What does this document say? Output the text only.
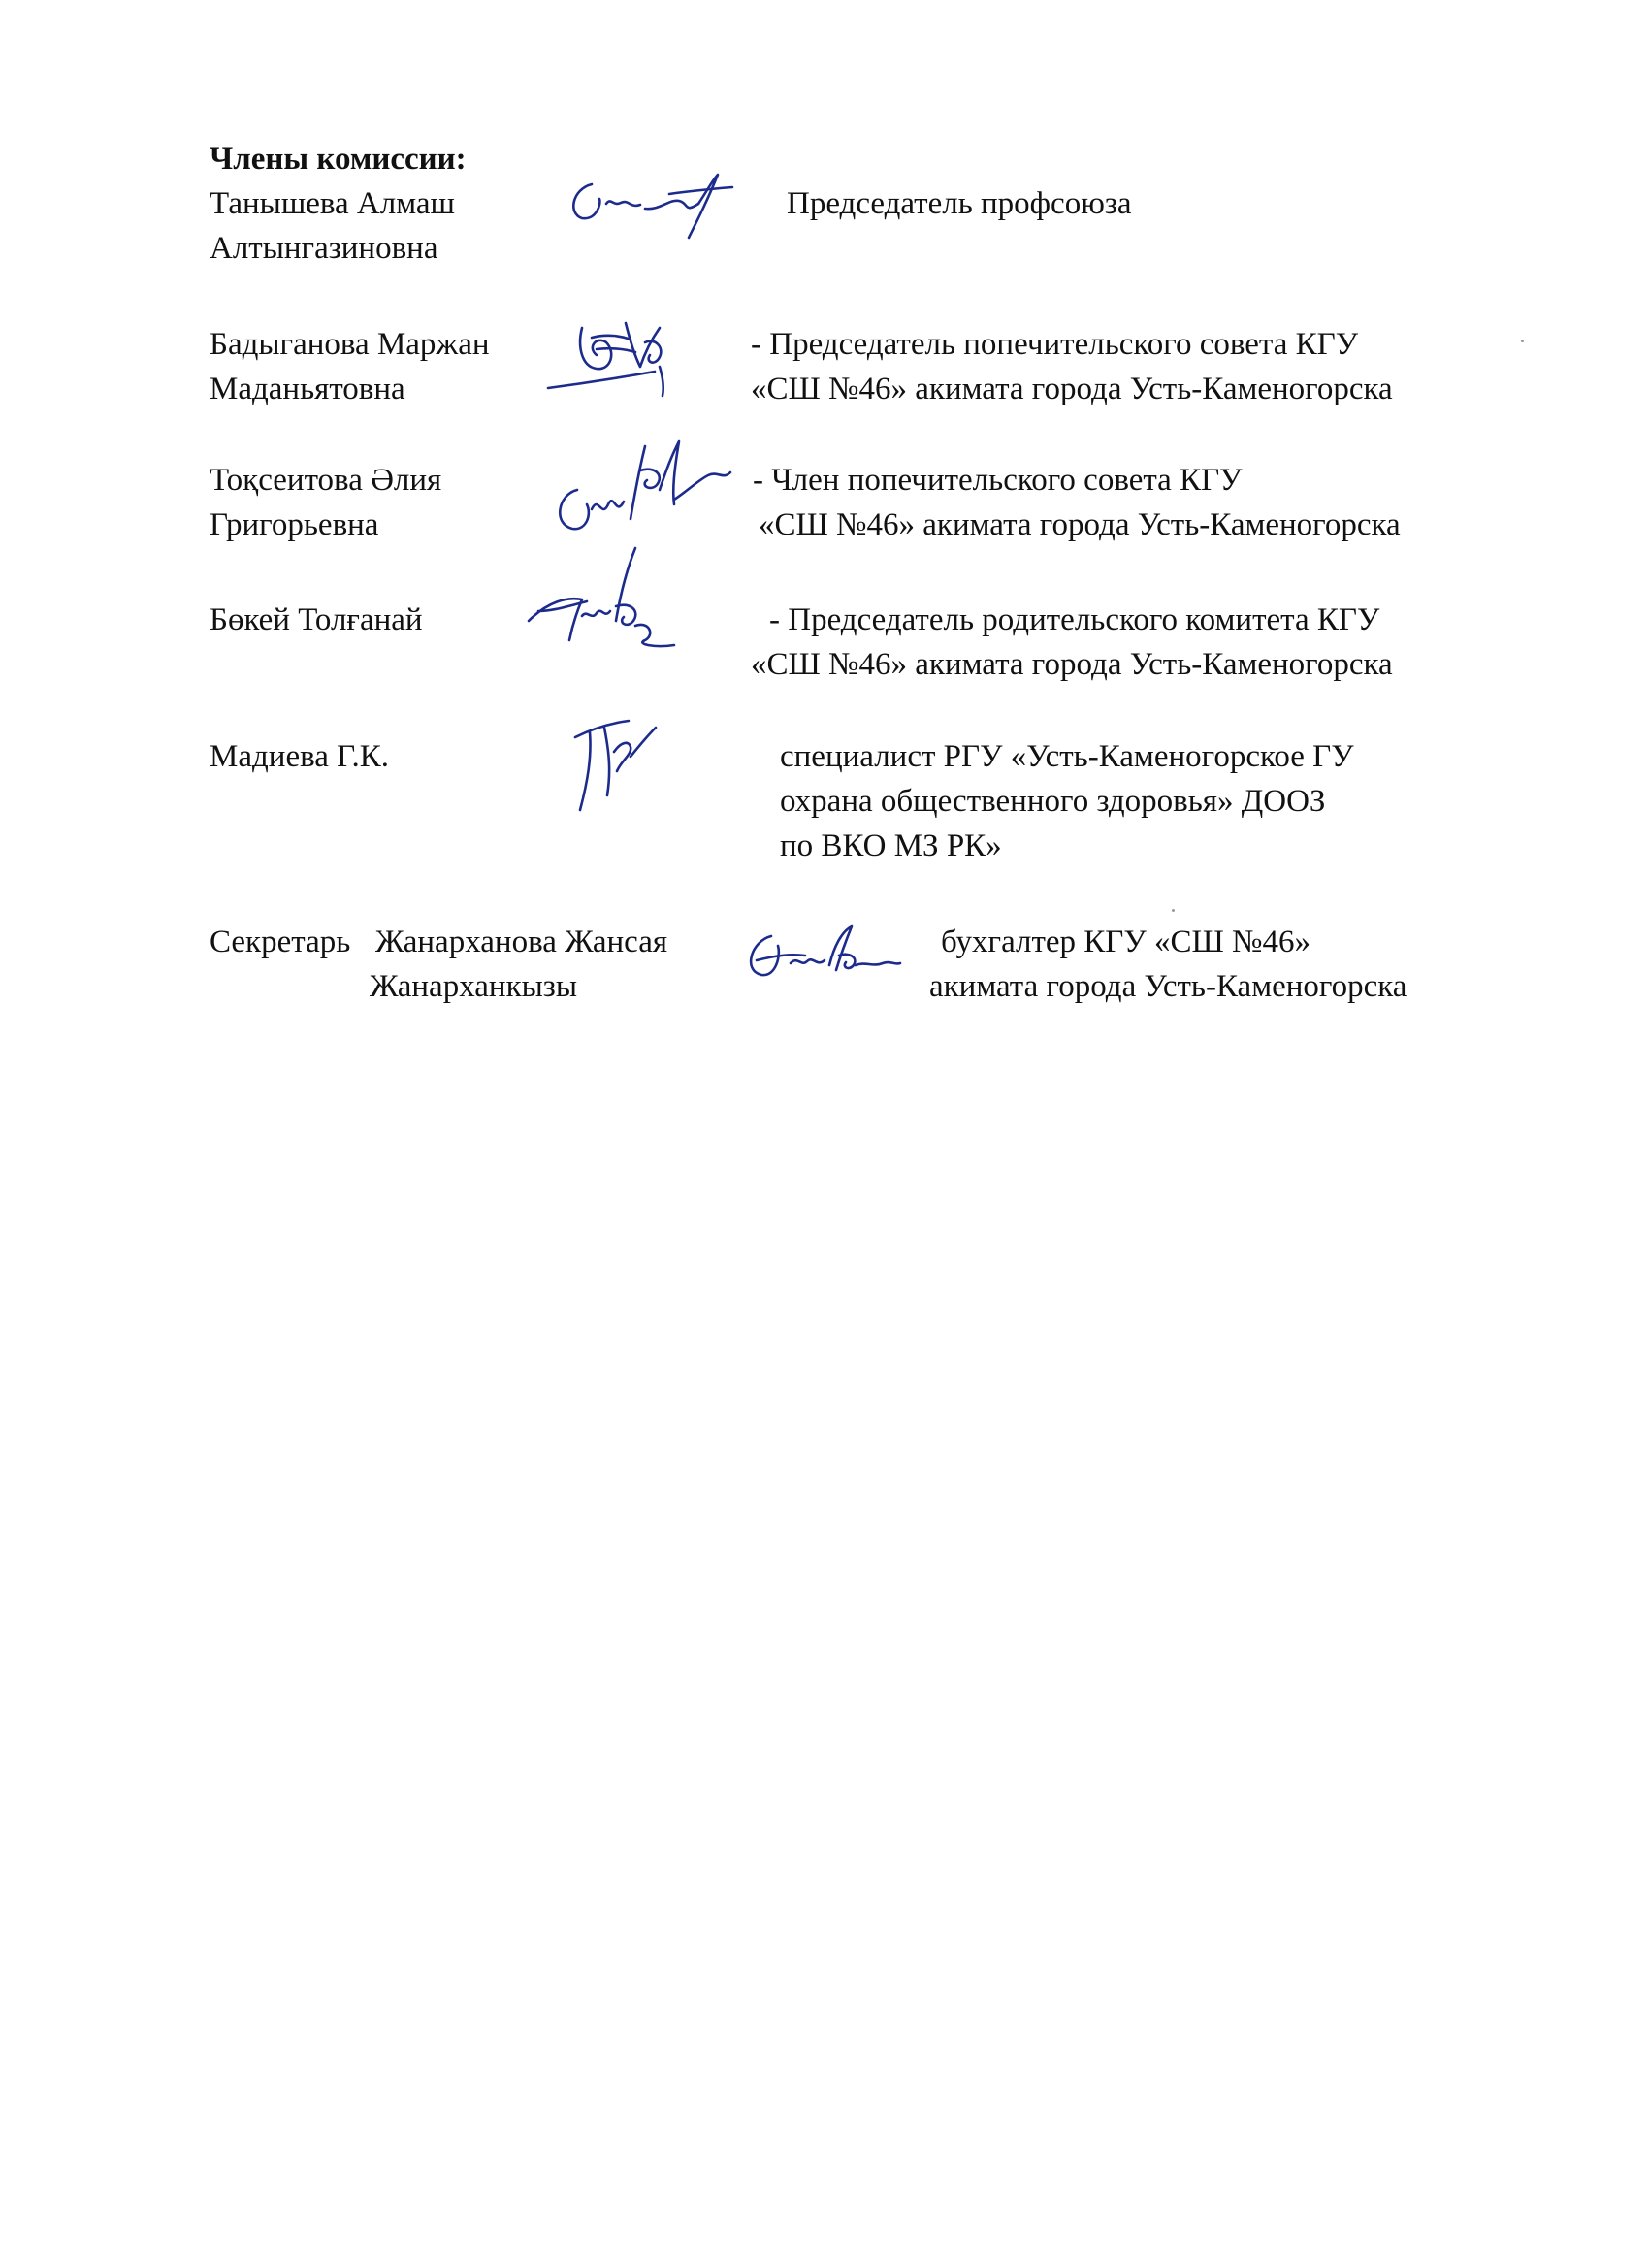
Члены комиссии:
Танышева Алмаш
Алтынгазиновна
Председатель профсоюза
Бадыганова Маржан
Маданьятовна
- Председатель попечительского совета КГУ
«СШ №46» акимата города Усть-Каменогорска
Тоқсеитова Әлия
Григорьевна
- Член попечительского совета КГУ
«СШ №46» акимата города Усть-Каменогорска
Бөкей Толғанай	- Председатель родительского комитета КГУ
«СШ №46» акимата города Усть-Каменогорска
Мадиева Г.К.	специалист РГУ «Усть-Каменогорское ГУ
охрана общественного здоровья» ДООЗ
по ВКО МЗ РК»
Секретарь Жанарханова Жансая
Жанарханкызы
бухгалтер КГУ «СШ №46»
акимата города Усть-Каменогорска
